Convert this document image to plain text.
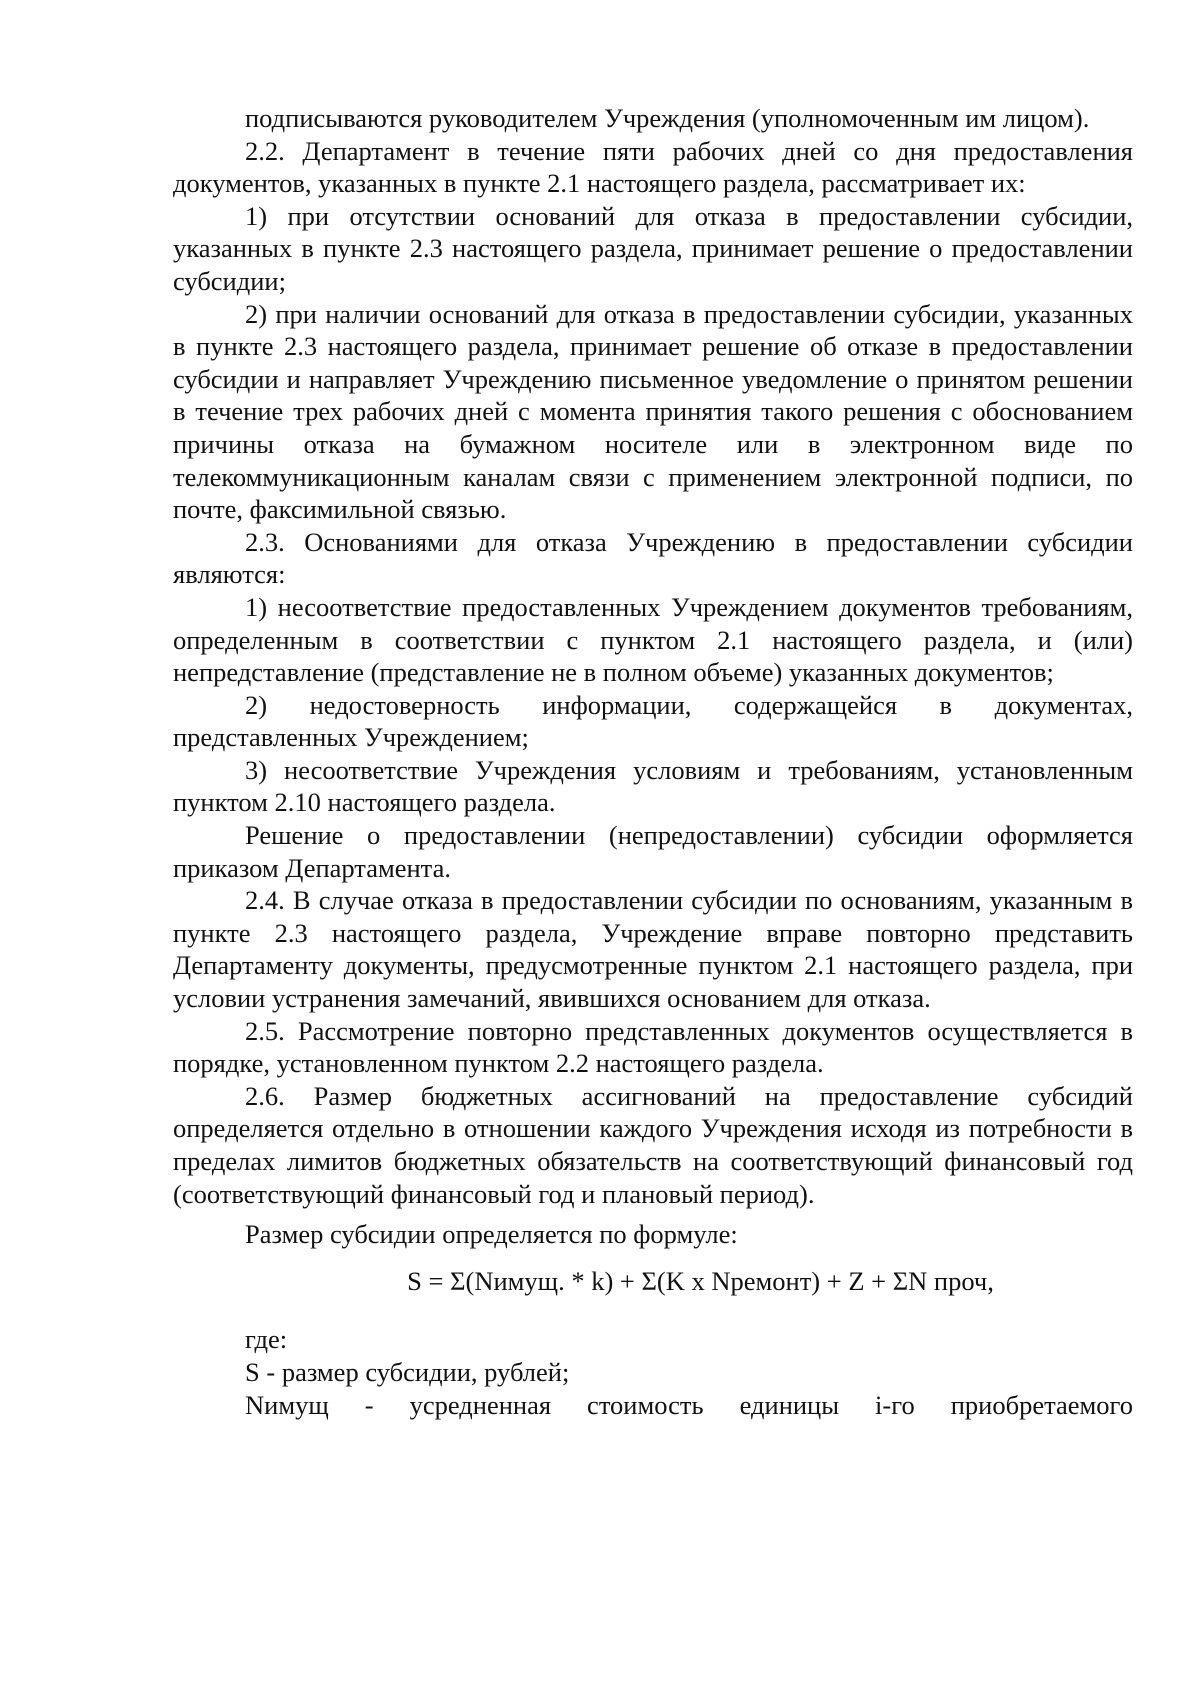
подписываются руководителем Учреждения (уполномоченным им лицом).

2.2. Департамент в течение пяти рабочих дней со дня предоставления документов, указанных в пункте 2.1 настоящего раздела, рассматривает их:

1) при отсутствии оснований для отказа в предоставлении субсидии, указанных в пункте 2.3 настоящего раздела, принимает решение о предоставлении субсидии;

2) при наличии оснований для отказа в предоставлении субсидии, указанных в пункте 2.3 настоящего раздела, принимает решение об отказе в предоставлении субсидии и направляет Учреждению письменное уведомление о принятом решении в течение трех рабочих дней с момента принятия такого решения с обоснованием причины отказа на бумажном носителе или в электронном виде по телекоммуникационным каналам связи с применением электронной подписи, по почте, факсимильной связью.

2.3. Основаниями для отказа Учреждению в предоставлении субсидии являются:

1) несоответствие предоставленных Учреждением документов требованиям, определенным в соответствии с пунктом 2.1 настоящего раздела, и (или) непредставление (представление не в полном объеме) указанных документов;

2) недостоверность информации, содержащейся в документах, представленных Учреждением;

3) несоответствие Учреждения условиям и требованиям, установленным пунктом 2.10 настоящего раздела.

Решение о предоставлении (непредоставлении) субсидии оформляется приказом Департамента.

2.4. В случае отказа в предоставлении субсидии по основаниям, указанным в пункте 2.3 настоящего раздела, Учреждение вправе повторно представить Департаменту документы, предусмотренные пунктом 2.1 настоящего раздела, при условии устранения замечаний, явившихся основанием для отказа.

2.5. Рассмотрение повторно представленных документов осуществляется в порядке, установленном пунктом 2.2 настоящего раздела.

2.6. Размер бюджетных ассигнований на предоставление субсидий определяется отдельно в отношении каждого Учреждения исходя из потребности в пределах лимитов бюджетных обязательств на соответствующий финансовый год (соответствующий финансовый год и плановый период).

Размер субсидии определяется по формуле:

S = Σ(Nимущ. * k) + Σ(K x Nремонт) + Z + ΣN проч,

где:

S - размер субсидии, рублей;

Nимущ - усредненная стоимость единицы i-го приобретаемого
